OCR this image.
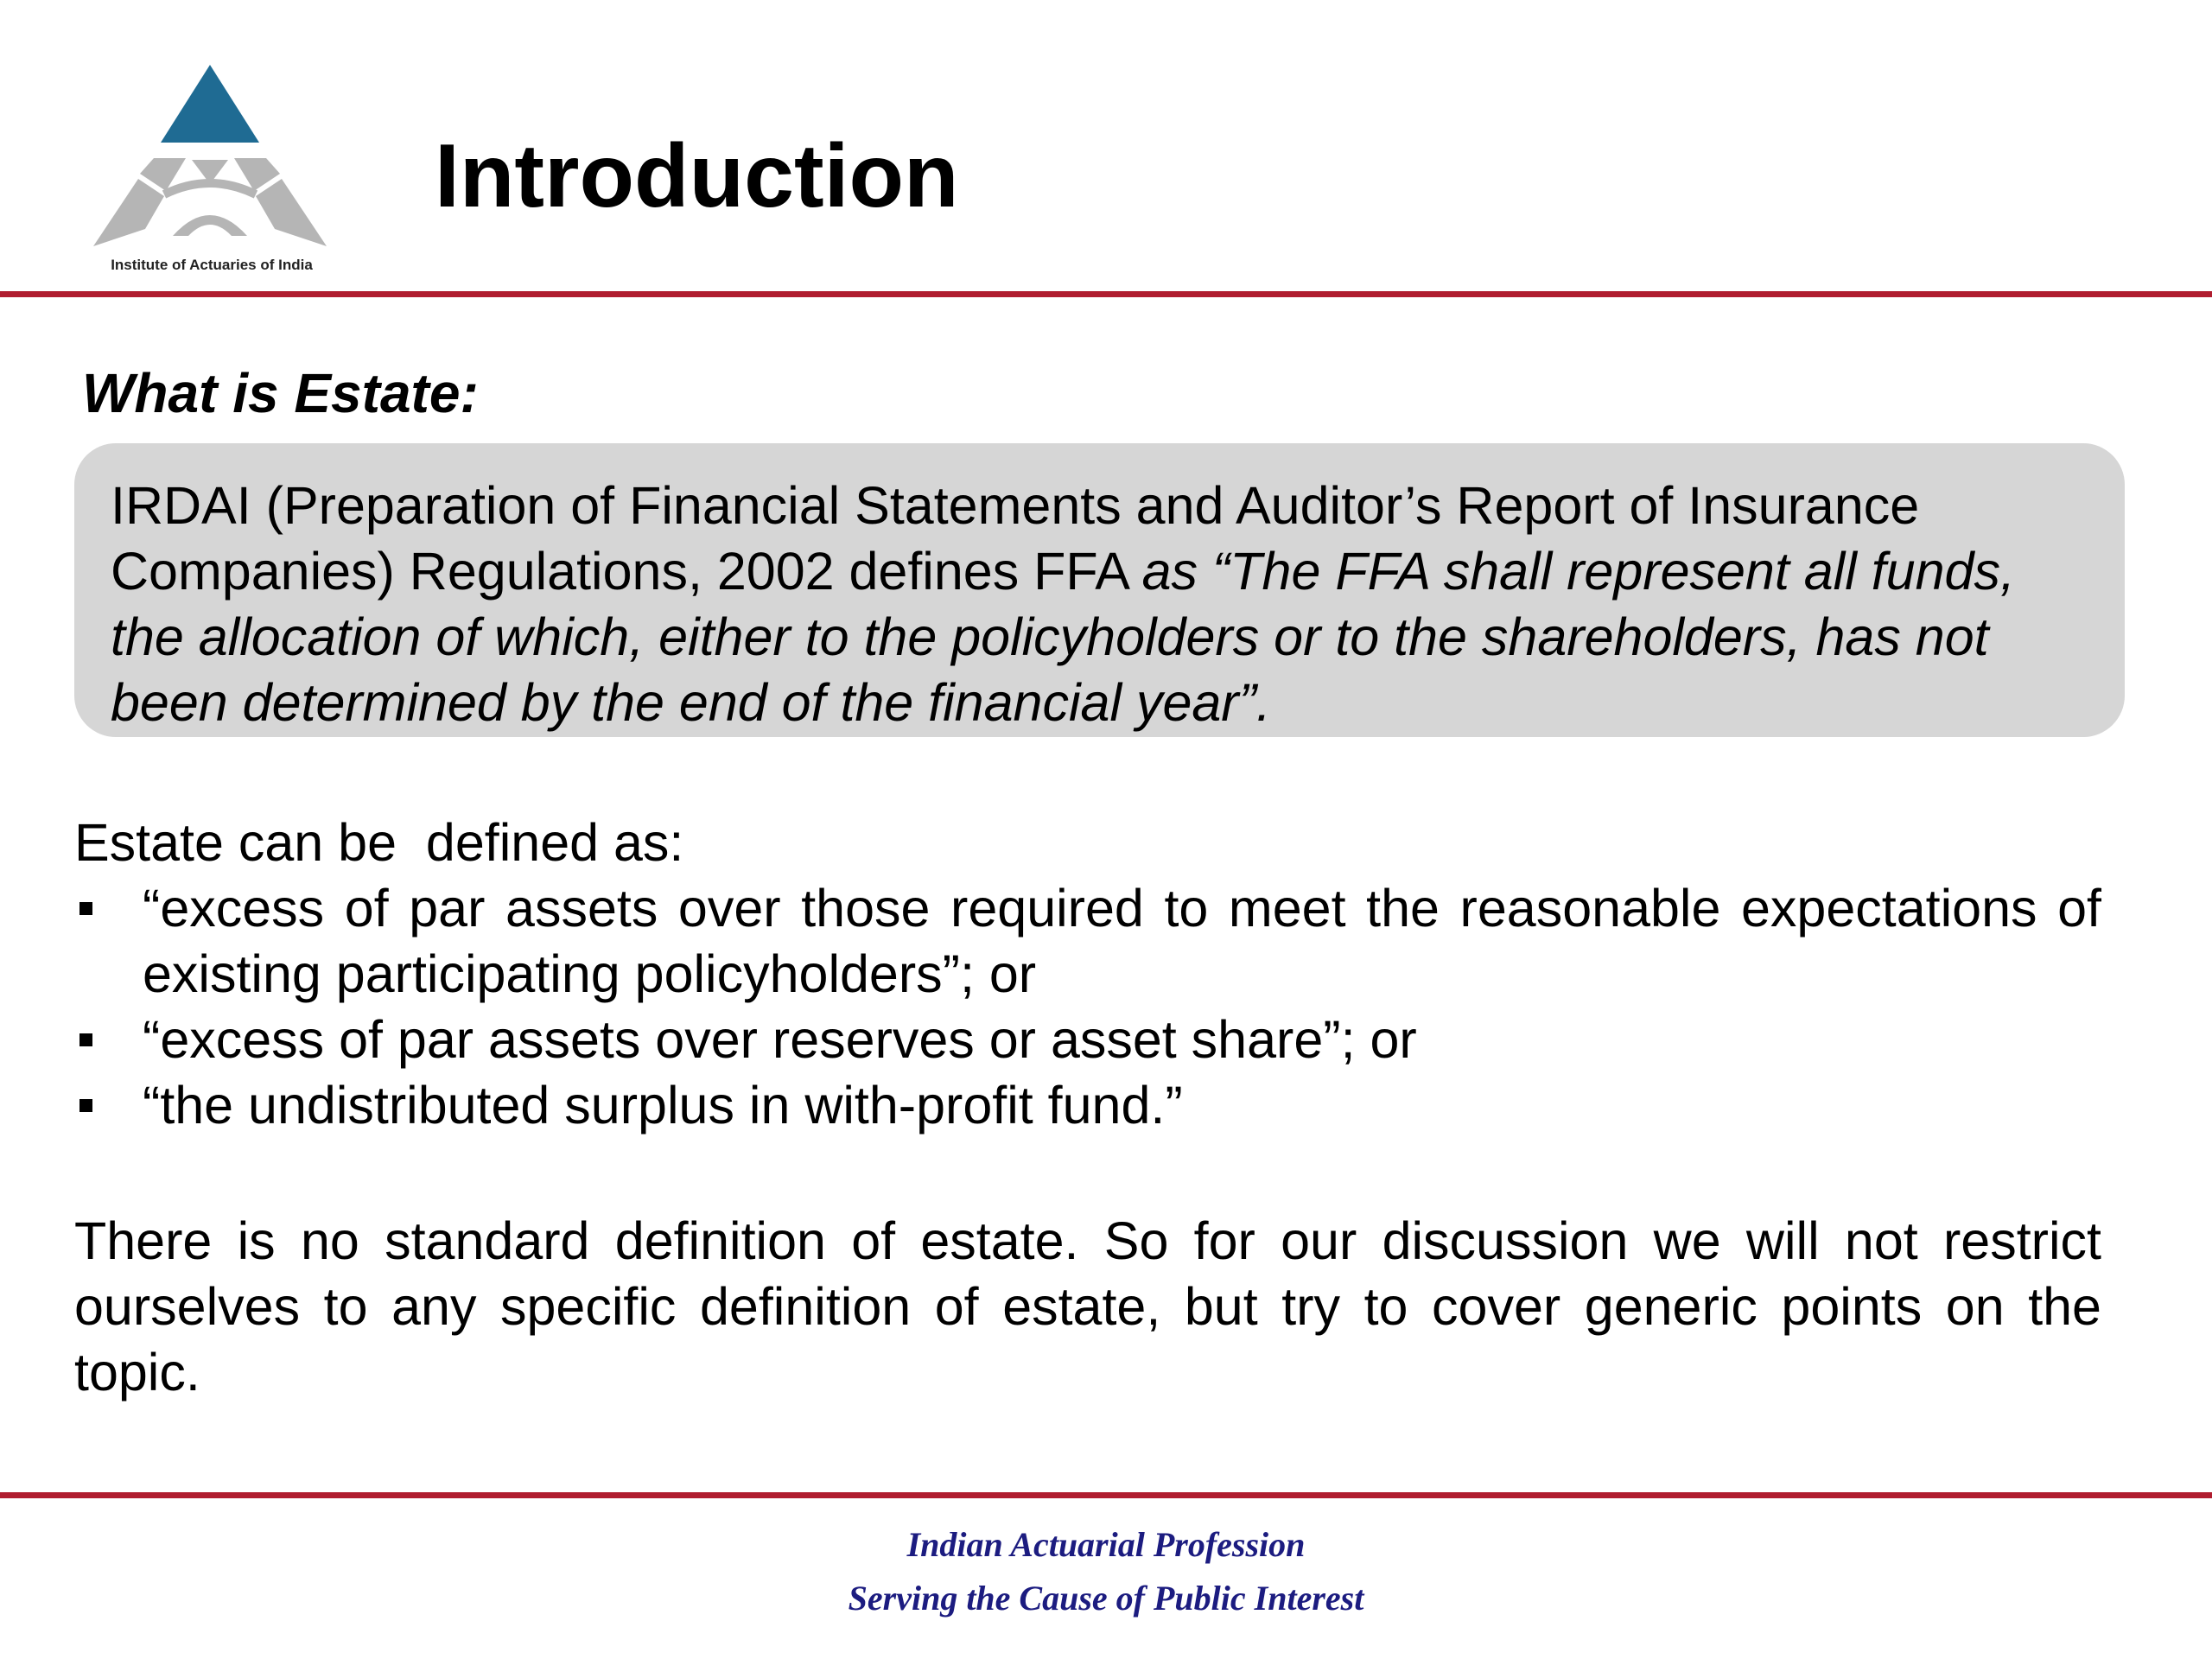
Institute of Actuaries of India
Introduction
What is Estate:

IRDAI (Preparation of Financial Statements and Auditor’s Report of Insurance Companies) Regulations, 2002 defines FFA as “The FFA shall represent all funds, the allocation of which, either to the policyholders or to the shareholders, has not been determined by the end of the financial year”.

Estate can be  defined as:

“excess of par assets over those required to meet the reasonable expectations of existing participating policyholders”; or
“excess of par assets over reserves or asset share”; or
“the undistributed surplus in with-profit fund.”

There is no standard definition of estate. So for our discussion we will not restrict ourselves to any specific definition of estate, but try to cover generic points on the topic.

Indian Actuarial Profession
Serving the Cause of Public Interest
